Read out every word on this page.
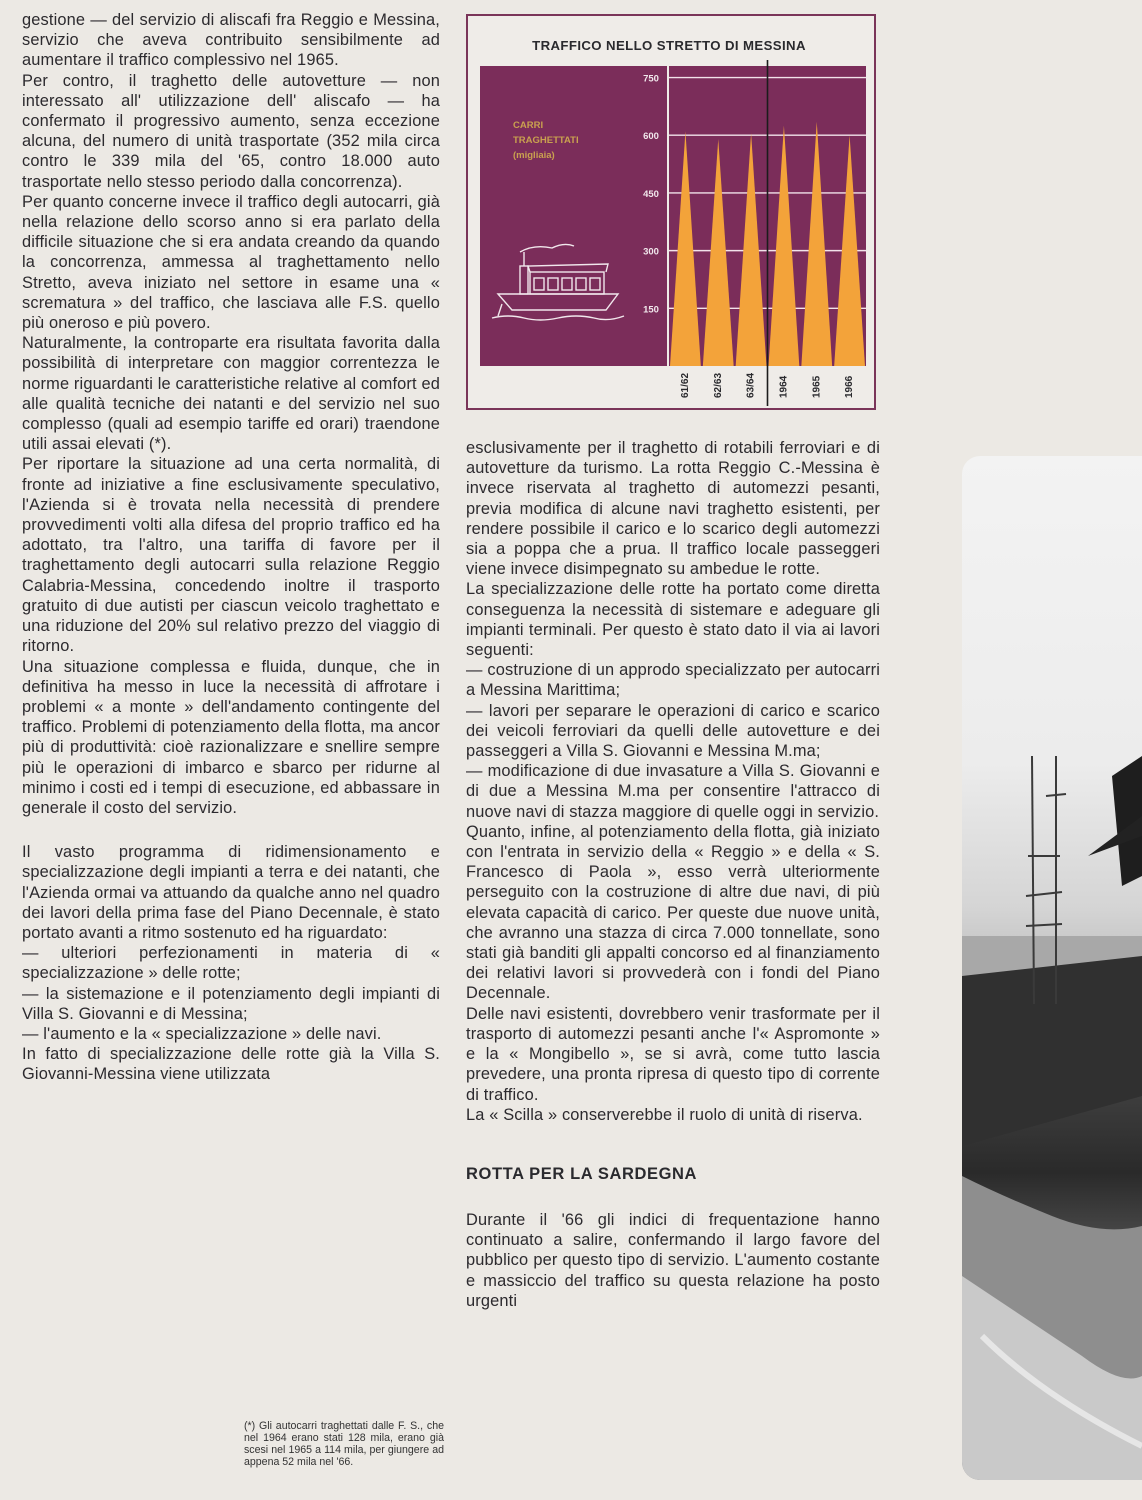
gestione — del servizio di aliscafi fra Reggio e Messina, servizio che aveva contribuito sensibilmente ad aumentare il traffico complessivo nel 1965.

Per contro, il traghetto delle autovetture — non interessato all' utilizzazione dell' aliscafo — ha confermato il progressivo aumento, senza eccezione alcuna, del numero di unità trasportate (352 mila circa contro le 339 mila del '65, contro 18.000 auto trasportate nello stesso periodo dalla concorrenza).

Per quanto concerne invece il traffico degli autocarri, già nella relazione dello scorso anno si era parlato della difficile situazione che si era andata creando da quando la concorrenza, ammessa al traghettamento nello Stretto, aveva iniziato nel settore in esame una « scrematura » del traffico, che lasciava alle F.S. quello più oneroso e più povero.

Naturalmente, la controparte era risultata favorita dalla possibilità di interpretare con maggior correntezza le norme riguardanti le caratteristiche relative al comfort ed alle qualità tecniche dei natanti e del servizio nel suo complesso (quali ad esempio tariffe ed orari) traendone utili assai elevati (*).

Per riportare la situazione ad una certa normalità, di fronte ad iniziative a fine esclusivamente speculativo, l'Azienda si è trovata nella necessità di prendere provvedimenti volti alla difesa del proprio traffico ed ha adottato, tra l'altro, una tariffa di favore per il traghettamento degli autocarri sulla relazione Reggio Calabria-Messina, concedendo inoltre il trasporto gratuito di due autisti per ciascun veicolo traghettato e una riduzione del 20% sul relativo prezzo del viaggio di ritorno.

Una situazione complessa e fluida, dunque, che in definitiva ha messo in luce la necessità di affrotare i problemi « a monte » dell'andamento contingente del traffico. Problemi di potenziamento della flotta, ma ancor più di produttività: cioè razionalizzare e snellire sempre più le operazioni di imbarco e sbarco per ridurne al minimo i costi ed i tempi di esecuzione, ed abbassare in generale il costo del servizio.

Il vasto programma di ridimensionamento e specializzazione degli impianti a terra e dei natanti, che l'Azienda ormai va attuando da qualche anno nel quadro dei lavori della prima fase del Piano Decennale, è stato portato avanti a ritmo sostenuto ed ha riguardato:

— ulteriori perfezionamenti in materia di « specializzazione » delle rotte;

— la sistemazione e il potenziamento degli impianti di Villa S. Giovanni e di Messina;

— l'aumento e la « specializzazione » delle navi.

In fatto di specializzazione delle rotte già la Villa S. Giovanni-Messina viene utilizzata

(*) Gli autocarri traghettati dalle F. S., che nel 1964 erano stati 128 mila, erano già scesi nel 1965 a 114 mila, per giungere ad appena 52 mila nel '66.
TRAFFICO NELLO STRETTO DI MESSINA
CARRI TRAGHETTATI (migliaia)
150
300
450
600
750
61/62 62/63 63/64 1964 1965 1966

esclusivamente per il traghetto di rotabili ferroviari e di autovetture da turismo. La rotta Reggio C.-Messina è invece riservata al traghetto di automezzi pesanti, previa modifica di alcune navi traghetto esistenti, per rendere possibile il carico e lo scarico degli automezzi sia a poppa che a prua. Il traffico locale passeggeri viene invece disimpegnato su ambedue le rotte.

La specializzazione delle rotte ha portato come diretta conseguenza la necessità di sistemare e adeguare gli impianti terminali. Per questo è stato dato il via ai lavori seguenti:

— costruzione di un approdo specializzato per autocarri a Messina Marittima;

— lavori per separare le operazioni di carico e scarico dei veicoli ferroviari da quelli delle autovetture e dei passeggeri a Villa S. Giovanni e Messina M.ma;

— modificazione di due invasature a Villa S. Giovanni e di due a Messina M.ma per consentire l'attracco di nuove navi di stazza maggiore di quelle oggi in servizio.

Quanto, infine, al potenziamento della flotta, già iniziato con l'entrata in servizio della « Reggio » e della « S. Francesco di Paola », esso verrà ulteriormente perseguito con la costruzione di altre due navi, di più elevata capacità di carico. Per queste due nuove unità, che avranno una stazza di circa 7.000 tonnellate, sono stati già banditi gli appalti concorso ed al finanziamento dei relativi lavori si provvederà con i fondi del Piano Decennale.

Delle navi esistenti, dovrebbero venir trasformate per il trasporto di automezzi pesanti anche l'« Aspromonte » e la « Mongibello », se si avrà, come tutto lascia prevedere, una pronta ripresa di questo tipo di corrente di traffico.

La « Scilla » conserverebbe il ruolo di unità di riserva.

ROTTA PER LA SARDEGNA

Durante il '66 gli indici di frequentazione hanno continuato a salire, confermando il largo favore del pubblico per questo tipo di servizio. L'aumento costante e massiccio del traffico su questa relazione ha posto urgenti
